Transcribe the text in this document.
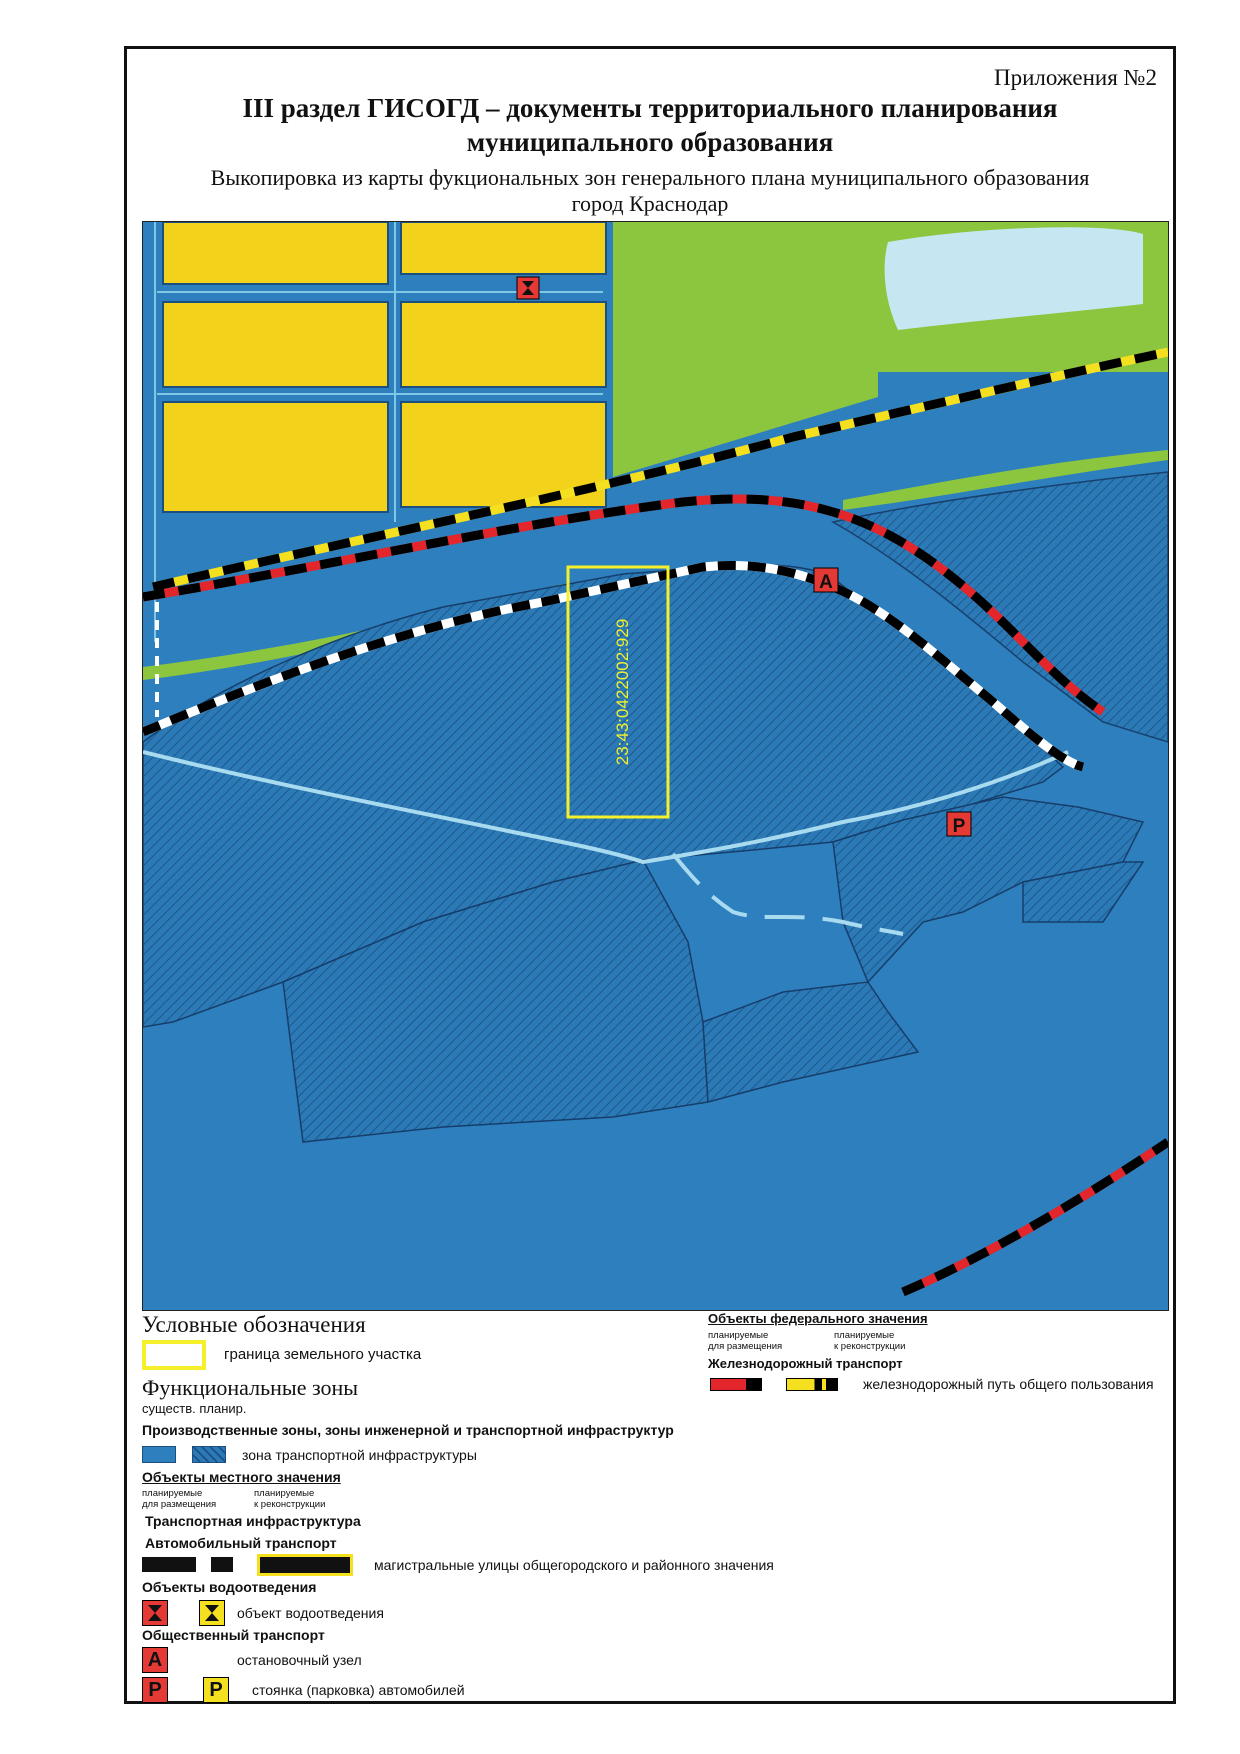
Приложения №2
III раздел ГИСОГД – документы территориального планирования
муниципального образования
Выкопировка из карты фукциональных зон генерального плана муниципального образования
город Краснодар
23:43:0422002:929
A
P
Условные обозначения
граница земельного участка
Функциональные зоны
существ. планир.
Производственные зоны, зоны инженерной и транспортной инфраструктур
зона транспортной инфраструктуры
Объекты местного значения
планируемые
для размещения
планируемые
к реконструкции
Транспортная инфраструктура
Автомобильный транспорт
магистральные улицы общегородского и районного значения
Объекты водоотведения
объект водоотведения
Общественный транспорт
А	остановочный узел
P	P	стоянка (парковка) автомобилей
Объекты федерального значения
планируемые
для размещения
планируемые
к реконструкции
Железнодорожный транспорт
железнодорожный путь общего пользования
